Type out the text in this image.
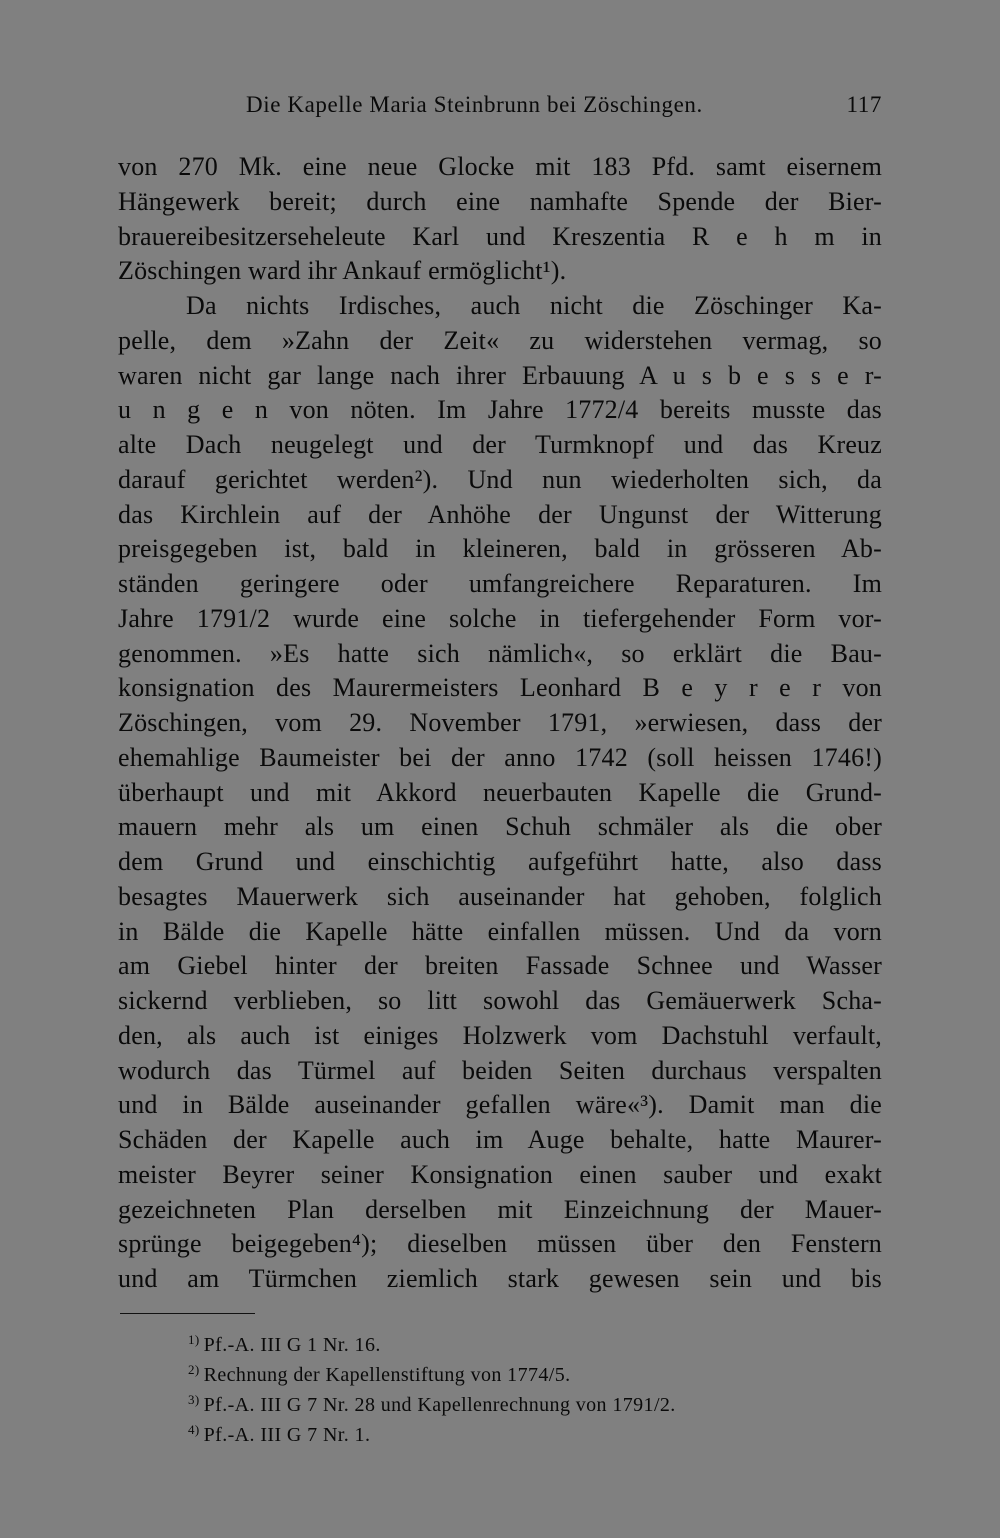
Die Kapelle Maria Steinbrunn bei Zöschingen.	117
von 270 Mk. eine neue Glocke mit 183 Pfd. samt eisernem
Hängewerk bereit; durch eine namhafte Spende der Bier-
brauereibesitzerseheleute Karl und Kreszentia R e h m in
Zöschingen ward ihr Ankauf ermöglicht¹).
Da nichts Irdisches, auch nicht die Zöschinger Ka-
pelle, dem »Zahn der Zeit« zu widerstehen vermag, so
waren nicht gar lange nach ihrer Erbauung A u s b e s s e r-
u n g e n von nöten. Im Jahre 1772/4 bereits musste das
alte Dach neugelegt und der Turmknopf und das Kreuz
darauf gerichtet werden²). Und nun wiederholten sich, da
das Kirchlein auf der Anhöhe der Ungunst der Witterung
preisgegeben ist, bald in kleineren, bald in grösseren Ab-
ständen geringere oder umfangreichere Reparaturen. Im
Jahre 1791/2 wurde eine solche in tiefergehender Form vor-
genommen. »Es hatte sich nämlich«, so erklärt die Bau-
konsignation des Maurermeisters Leonhard B e y r e r von
Zöschingen, vom 29. November 1791, »erwiesen, dass der
ehemahlige Baumeister bei der anno 1742 (soll heissen 1746!)
überhaupt und mit Akkord neuerbauten Kapelle die Grund-
mauern mehr als um einen Schuh schmäler als die ober
dem Grund und einschichtig aufgeführt hatte, also dass
besagtes Mauerwerk sich auseinander hat gehoben, folglich
in Bälde die Kapelle hätte einfallen müssen. Und da vorn
am Giebel hinter der breiten Fassade Schnee und Wasser
sickernd verblieben, so litt sowohl das Gemäuerwerk Scha-
den, als auch ist einiges Holzwerk vom Dachstuhl verfault,
wodurch das Türmel auf beiden Seiten durchaus verspalten
und in Bälde auseinander gefallen wäre«³). Damit man die
Schäden der Kapelle auch im Auge behalte, hatte Maurer-
meister Beyrer seiner Konsignation einen sauber und exakt
gezeichneten Plan derselben mit Einzeichnung der Mauer-
sprünge beigegeben⁴); dieselben müssen über den Fenstern
und am Türmchen ziemlich stark gewesen sein und bis
$^{1)}$ Pf.-A. III G 1 Nr. 16.
$^{2)}$ Rechnung der Kapellenstiftung von 1774/5.
$^{3)}$ Pf.-A. III G 7 Nr. 28 und Kapellenrechnung von 1791/2.
$^{4)}$ Pf.-A. III G 7 Nr. 1.
